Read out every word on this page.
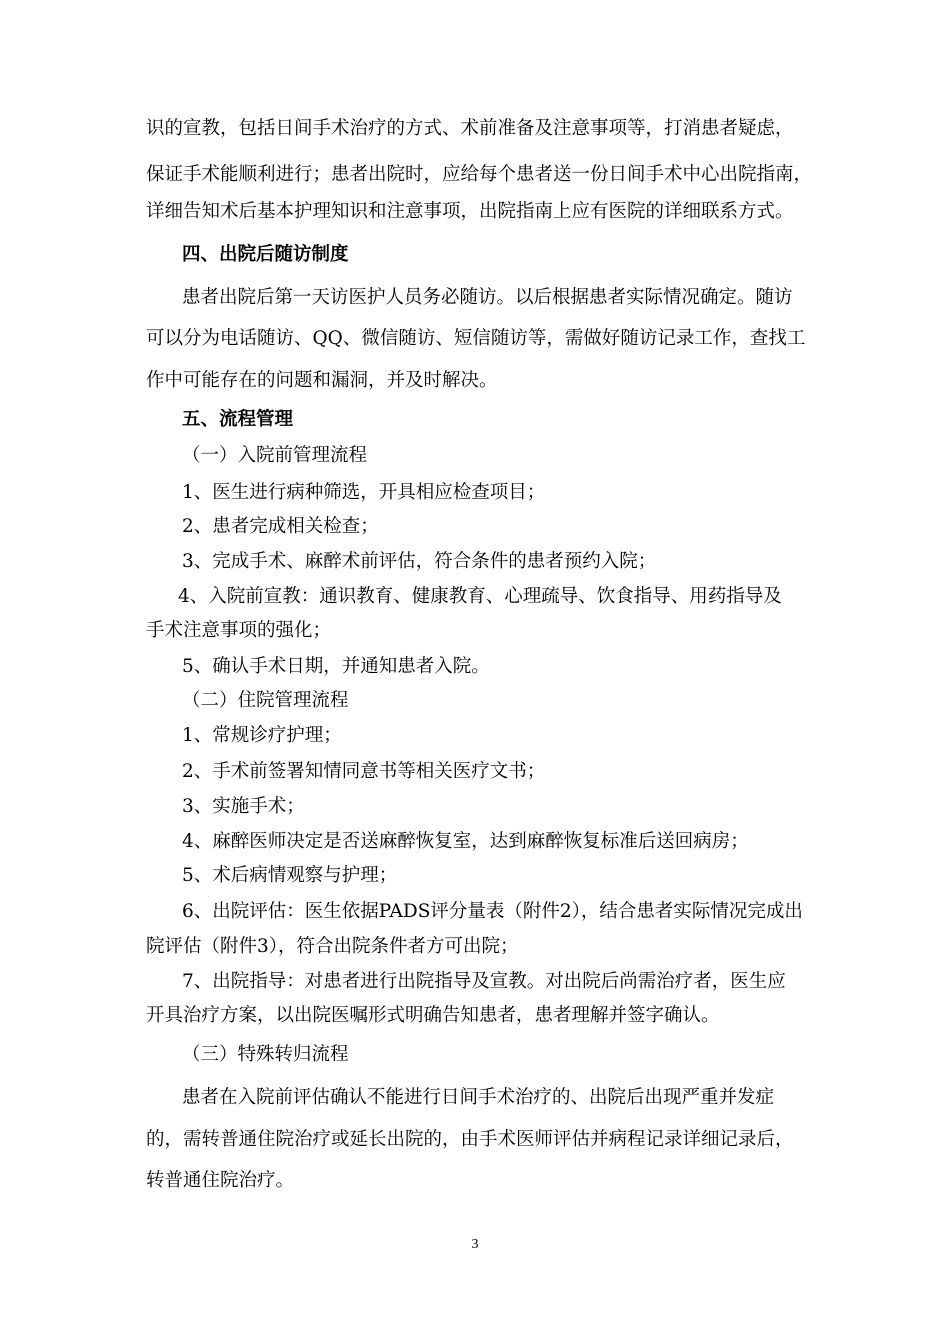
识的宣教，包括日间手术治疗的方式、术前准备及注意事项等，打消患者疑虑，
保证手术能顺利进行；患者出院时，应给每个患者送一份日间手术中心出院指南，
详细告知术后基本护理知识和注意事项，出院指南上应有医院的详细联系方式。
四、出院后随访制度
患者出院后第一天访医护人员务必随访。以后根据患者实际情况确定。随访
可以分为电话随访、QQ、微信随访、短信随访等，需做好随访记录工作，查找工
作中可能存在的问题和漏洞，并及时解决。
五、流程管理
（一）入院前管理流程
1、医生进行病种筛选，开具相应检查项目；
2、患者完成相关检查；
3、完成手术、麻醉术前评估，符合条件的患者预约入院；
4、入院前宣教：通识教育、健康教育、心理疏导、饮食指导、用药指导及
手术注意事项的强化；
5、确认手术日期，并通知患者入院。
（二）住院管理流程
1、常规诊疗护理；
2、手术前签署知情同意书等相关医疗文书；
3、实施手术；
4、麻醉医师决定是否送麻醉恢复室，达到麻醉恢复标准后送回病房；
5、术后病情观察与护理；
6、出院评估：医生依据PADS评分量表（附件2），结合患者实际情况完成出
院评估（附件3），符合出院条件者方可出院；
7、出院指导：对患者进行出院指导及宣教。对出院后尚需治疗者，医生应
开具治疗方案，以出院医嘱形式明确告知患者，患者理解并签字确认。
（三）特殊转归流程
患者在入院前评估确认不能进行日间手术治疗的、出院后出现严重并发症
的，需转普通住院治疗或延长出院的，由手术医师评估并病程记录详细记录后，
转普通住院治疗。
3
